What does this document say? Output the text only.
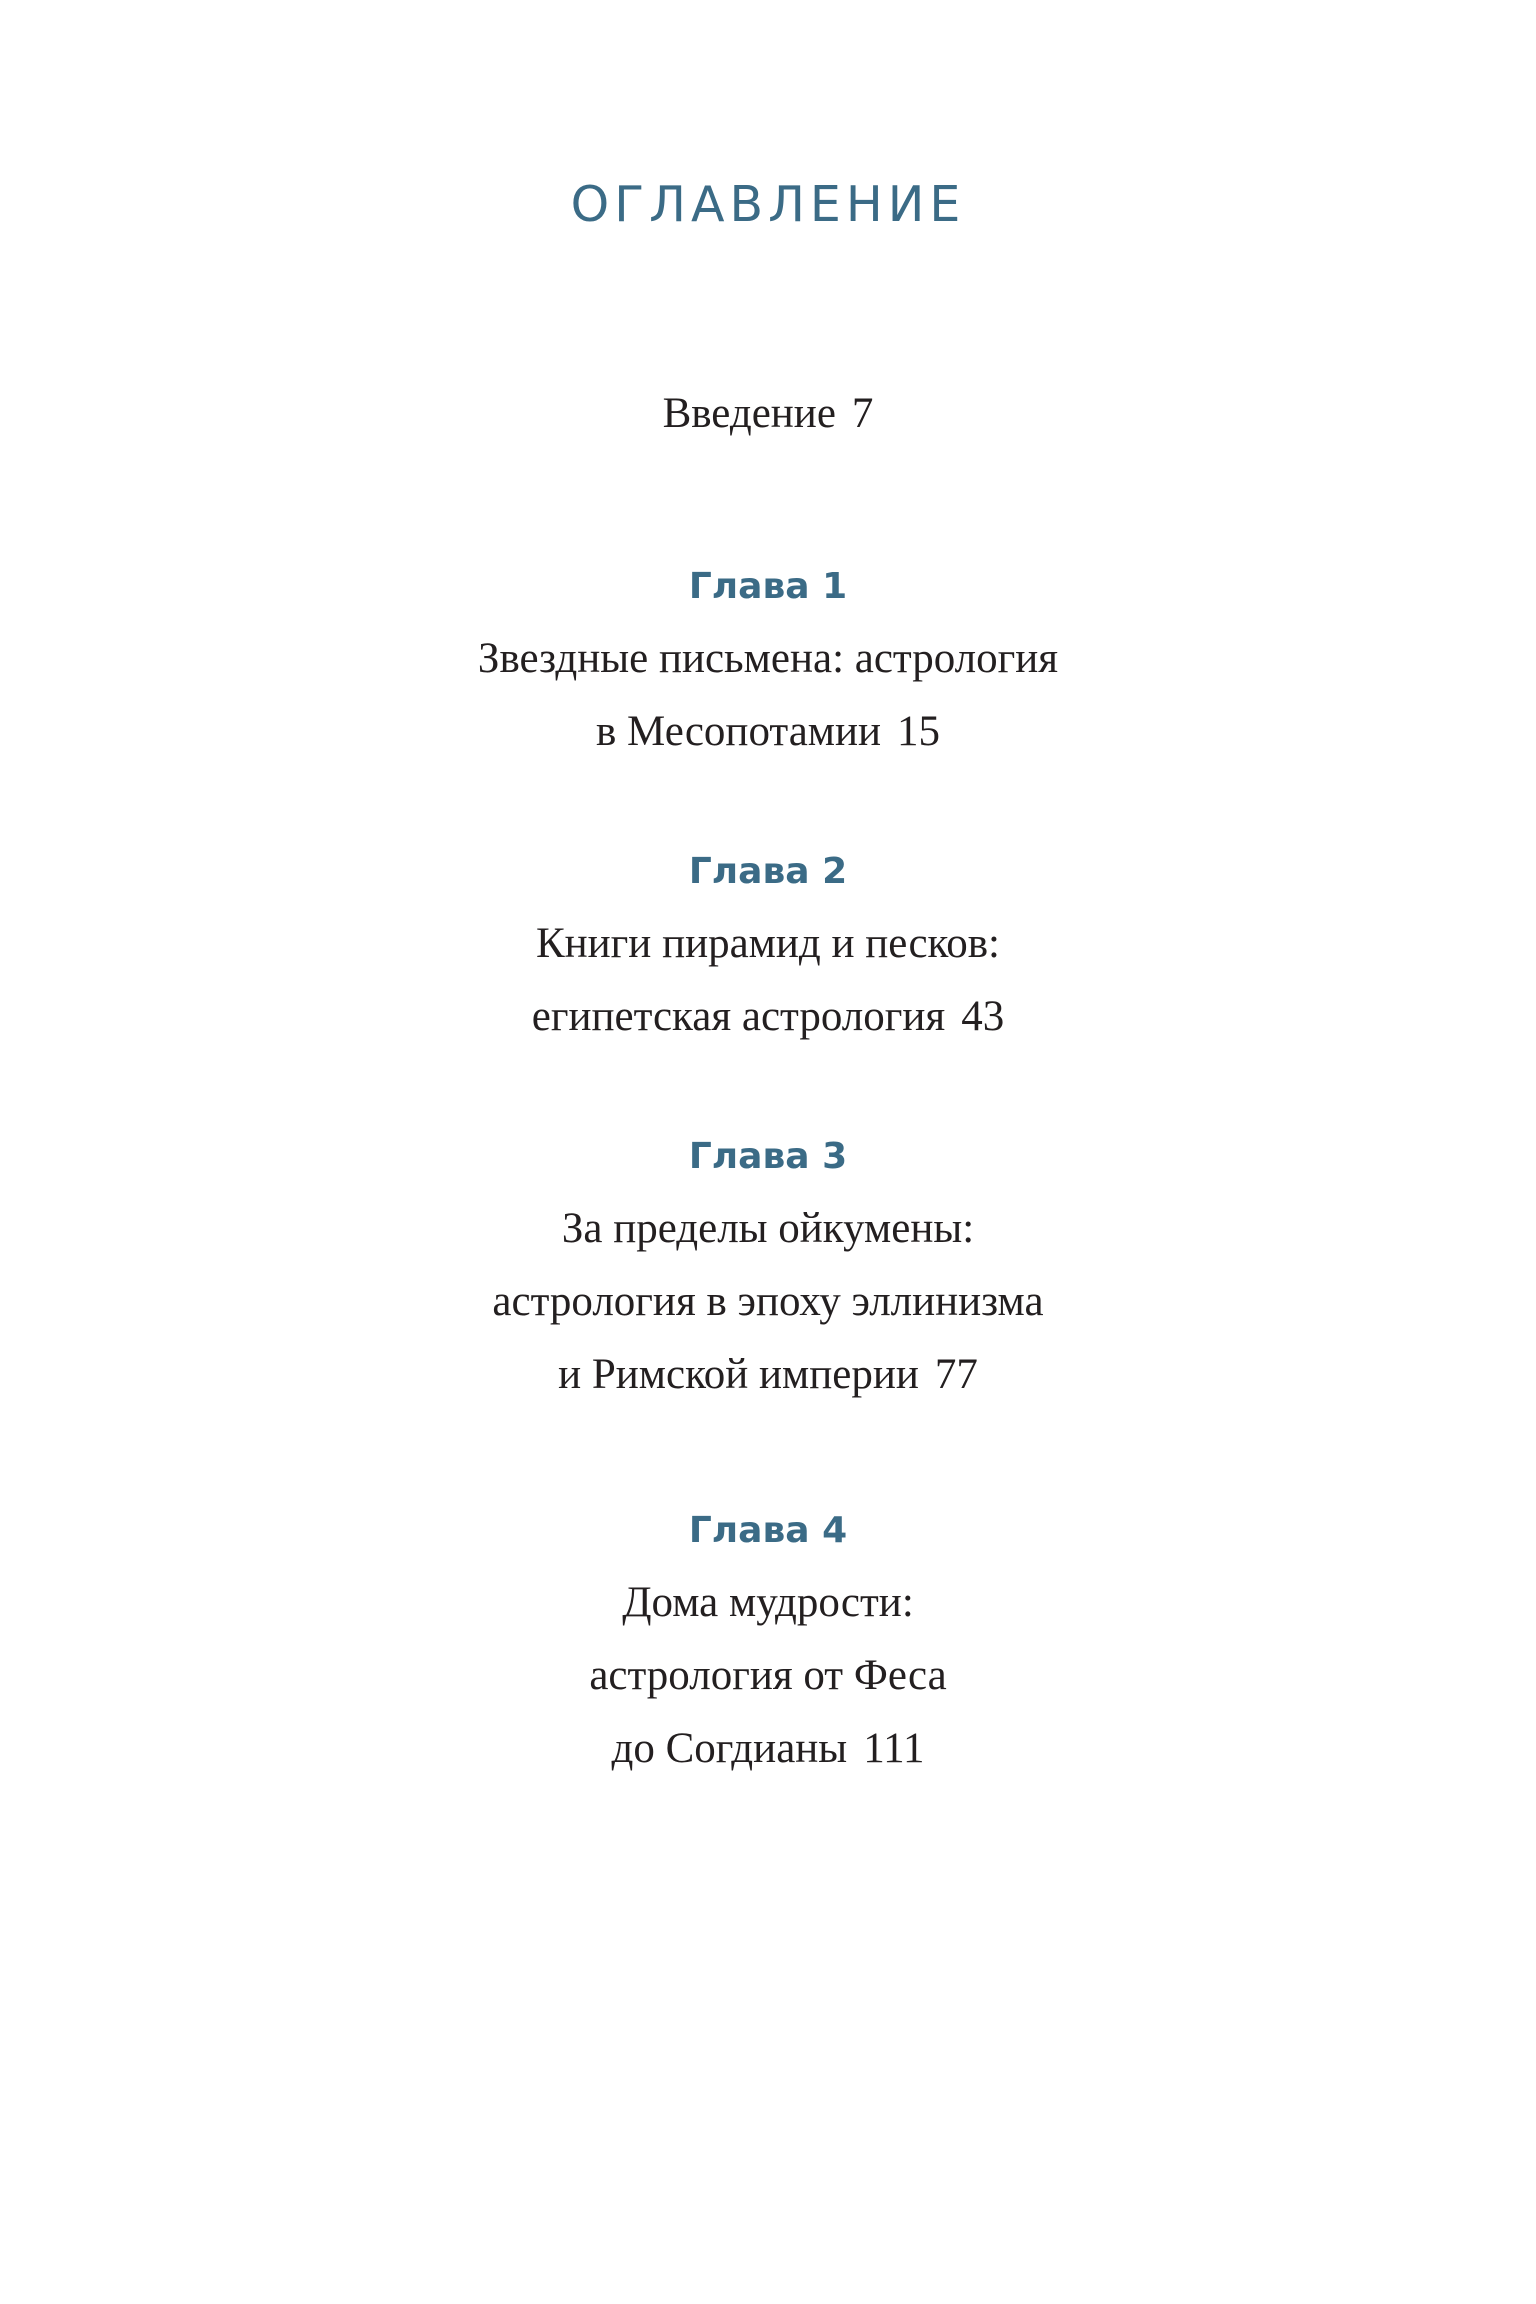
ОГЛАВЛЕНИЕ
Введение 7
Глава 1
Звездные письмена: астрология
в Месопотамии 15
Глава 2
Книги пирамид и песков:
египетская астрология 43
Глава 3
За пределы ойкумены:
астрология в эпоху эллинизма
и Римской империи 77
Глава 4
Дома мудрости:
астрология от Феса
до Согдианы 111
